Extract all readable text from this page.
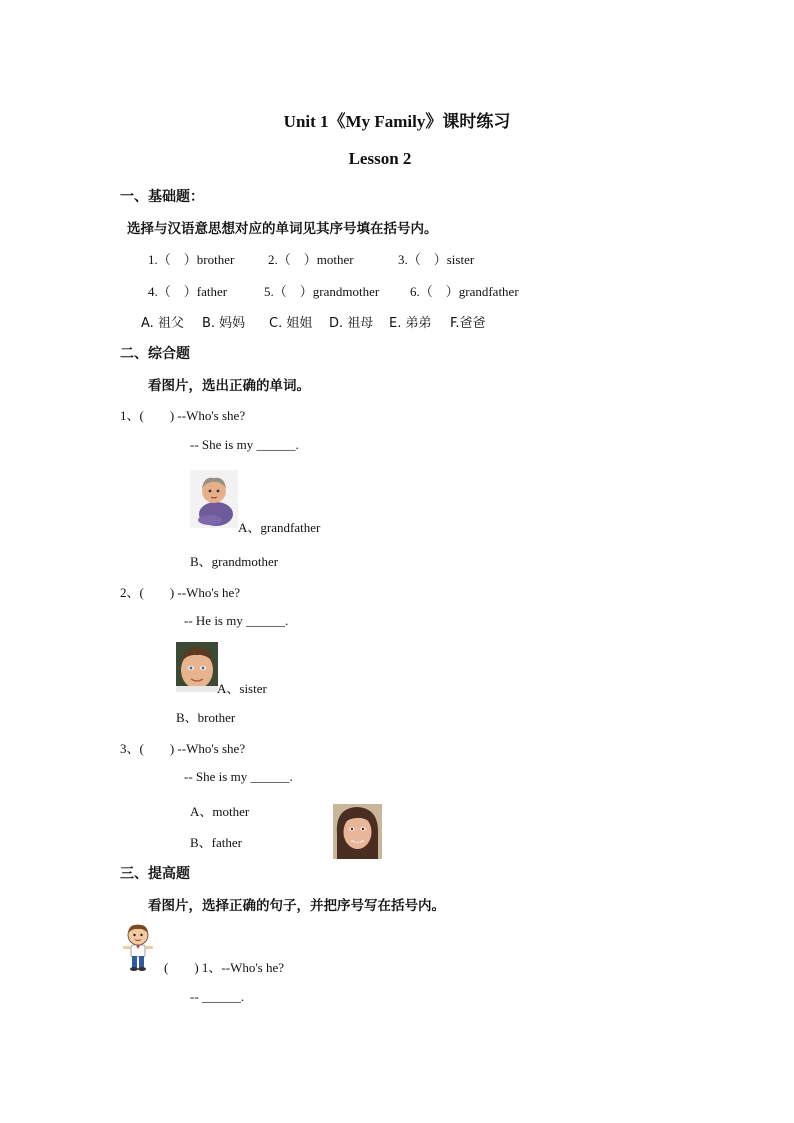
Unit 1《My Family》课时练习
Lesson 2
一、基础题：
选择与汉语意思想对应的单词见其序号填在括号内。
1.（　）brother	2.（　）mother	3.（　）sister
4.（　）father	5.（　）grandmother 6.（　）grandfather
A. 祖父 B. 妈妈 C. 姐姐 D. 祖母 E. 弟弟 F.爸爸
二、综合题
看图片，选出正确的单词。
1、(　　) --Who's she?
-- She is my ______.
A、grandfather
B、grandmother
2、(　　) --Who's he?
-- He is my ______.
A、sister
B、brother
3、(　　) --Who's she?
-- She is my ______.
A、mother
B、father
三、提高题
看图片，选择正确的句子，并把序号写在括号内。
(　　) 1、--Who's he?
-- ______.
